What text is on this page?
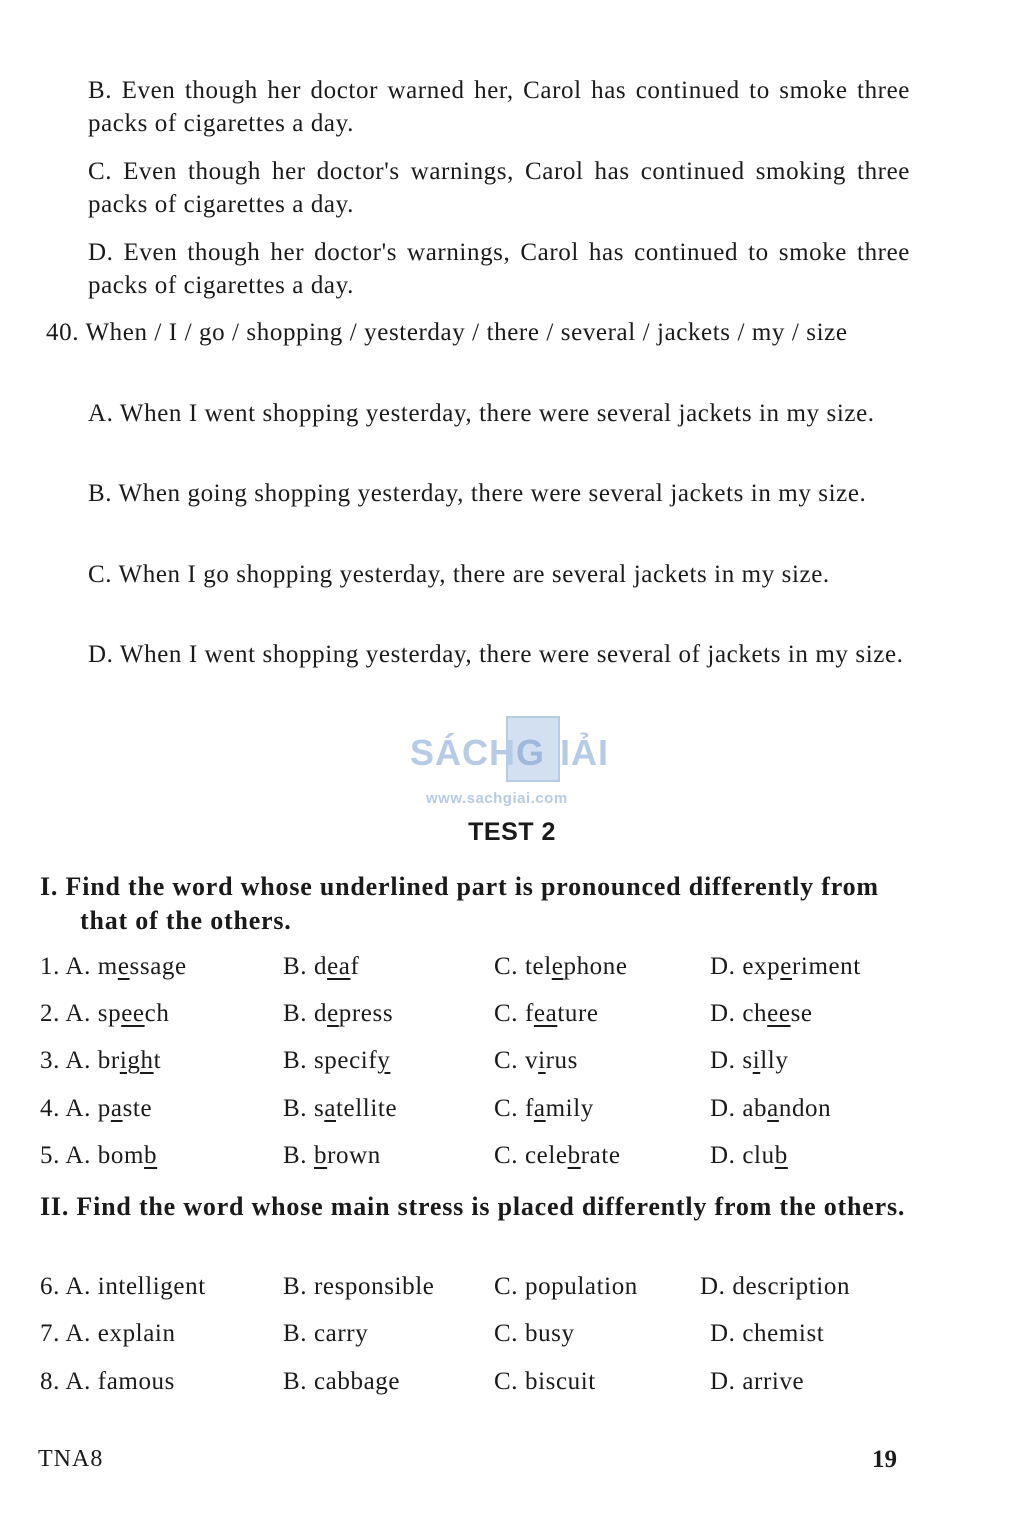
B. Even though her doctor warned her, Carol has continued to smoke three packs of cigarettes a day.
C. Even though her doctor's warnings, Carol has continued smoking three packs of cigarettes a day.
D. Even though her doctor's warnings, Carol has continued to smoke three packs of cigarettes a day.
40. When / I / go / shopping / yesterday / there / several / jackets / my / size
A. When I went shopping yesterday, there were several jackets in my size.
B. When going shopping yesterday, there were several jackets in my size.
C. When I go shopping yesterday, there are several jackets in my size.
D. When I went shopping yesterday, there were several of jackets in my size.
SÁCH G IẢI
www.sachgiai.com
TEST 2
I. Find the word whose underlined part is pronounced differently from that of the others.
1. A. message	B. deaf	C. telephone	D. experiment
2. A. speech	B. depress	C. feature	D. cheese
3. A. bright	B. specify	C. virus	D. silly
4. A. paste	B. satellite	C. family	D. abandon
5. A. bomb	B. brown	C. celebrate	D. club
II. Find the word whose main stress is placed differently from the others.
6. A. intelligent	B. responsible C. population D. description
7. A. explain	B. carry	C. busy	D. chemist
8. A. famous	B. cabbage	C. biscuit	D. arrive
TNA8	19
